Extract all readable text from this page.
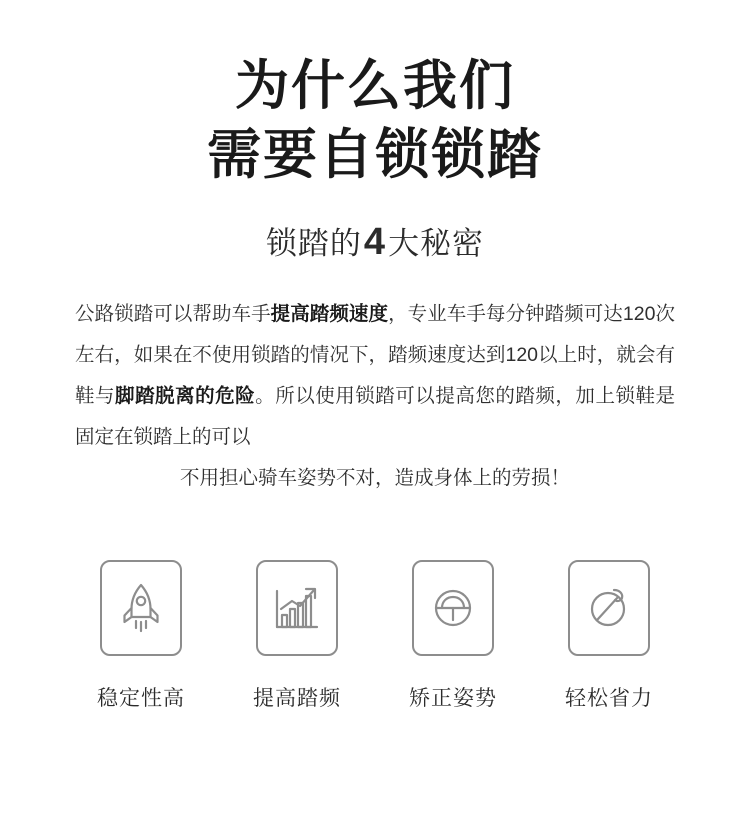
为什么我们
需要自锁锁踏
锁踏的4大秘密
公路锁踏可以帮助车手提高踏频速度，专业车手每分钟踏频可达120次左右，如果在不使用锁踏的情况下，踏频速度达到120以上时，就会有鞋与脚踏脱离的危险。所以使用锁踏可以提高您的踏频，加上锁鞋是固定在锁踏上的可以
不用担心骑车姿势不对，造成身体上的劳损！
稳定性高	提高踏频	矫正姿势	轻松省力
